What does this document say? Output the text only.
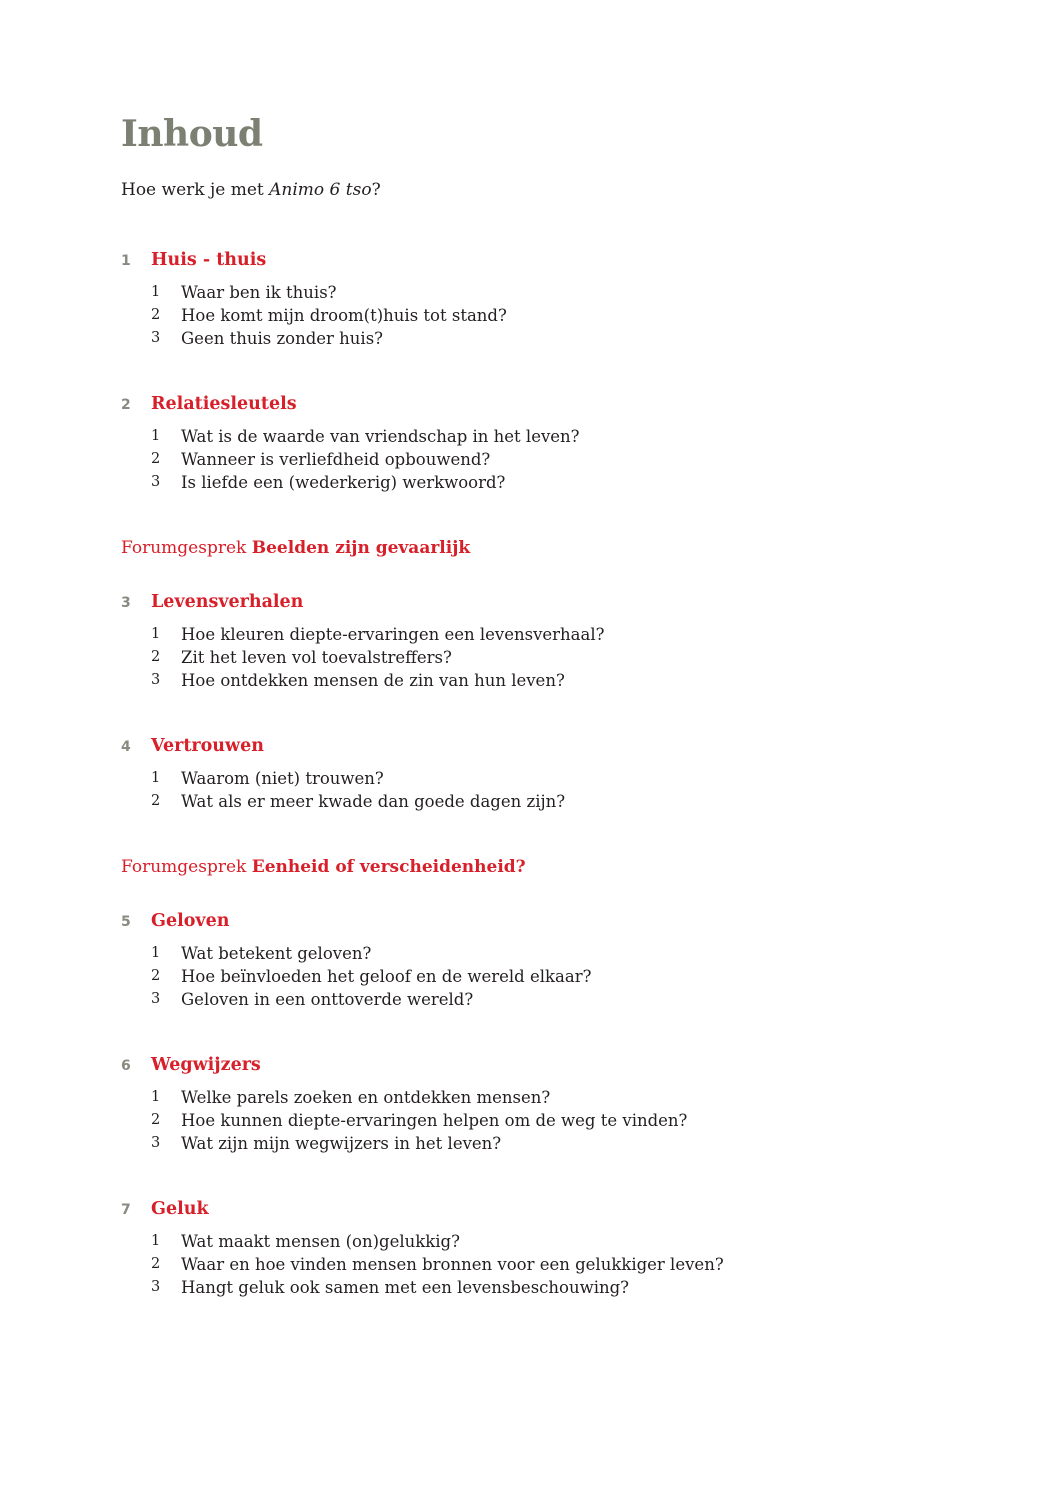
Inhoud
Hoe werk je met Animo 6 tso?
1	Huis - thuis
1	Waar ben ik thuis?
2	Hoe komt mijn droom(t)huis tot stand?
3	Geen thuis zonder huis?
2	Relatiesleutels
1	Wat is de waarde van vriendschap in het leven?
2	Wanneer is verliefdheid opbouwend?
3	Is liefde een (wederkerig) werkwoord?
Forumgesprek Beelden zijn gevaarlijk
3	Levensverhalen
1	Hoe kleuren diepte-ervaringen een levensverhaal?
2	Zit het leven vol toevalstreffers?
3	Hoe ontdekken mensen de zin van hun leven?
4	Vertrouwen
1	Waarom (niet) trouwen?
2	Wat als er meer kwade dan goede dagen zijn?
Forumgesprek Eenheid of verscheidenheid?
5	Geloven
1	Wat betekent geloven?
2	Hoe beïnvloeden het geloof en de wereld elkaar?
3	Geloven in een onttoverde wereld?
6	Wegwijzers
1	Welke parels zoeken en ontdekken mensen?
2	Hoe kunnen diepte-ervaringen helpen om de weg te vinden?
3	Wat zijn mijn wegwijzers in het leven?
7	Geluk
1	Wat maakt mensen (on)gelukkig?
2	Waar en hoe vinden mensen bronnen voor een gelukkiger leven?
3	Hangt geluk ook samen met een levensbeschouwing?
